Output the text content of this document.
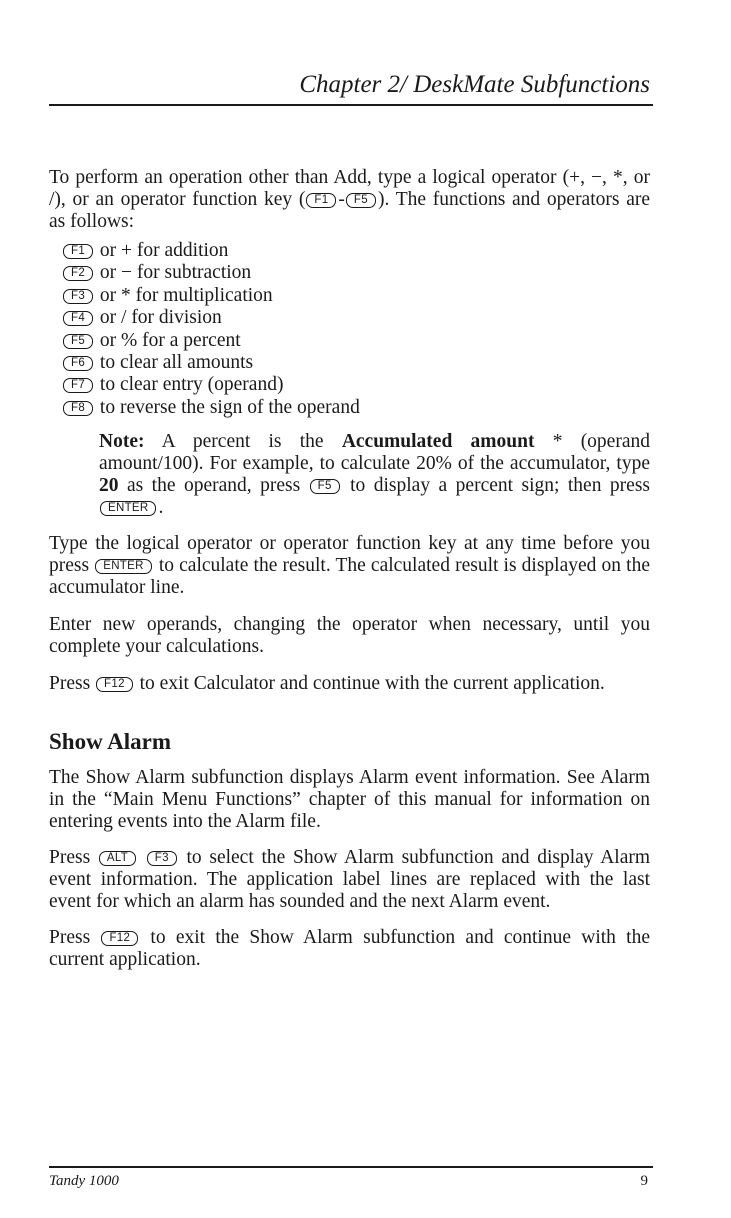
Chapter 2/ DeskMate Subfunctions

To perform an operation other than Add, type a logical operator (+, −, *, or /), or an operator function key ( F1 - F5 ). The functions and operators are as follows:

F1 or + for addition
F2 or − for subtraction
F3 or * for multiplication
F4 or / for division
F5 or % for a percent
F6 to clear all amounts
F7 to clear entry (operand)
F8 to reverse the sign of the operand

Note: A percent is the Accumulated amount * (operand amount/100). For example, to calculate 20% of the accumulator, type 20 as the operand, press F5 to display a percent sign; then press ENTER .

Type the logical operator or operator function key at any time before you press ENTER to calculate the result. The calculated result is displayed on the accumulator line.

Enter new operands, changing the operator when necessary, until you complete your calculations.

Press F12 to exit Calculator and continue with the current application.

Show Alarm

The Show Alarm subfunction displays Alarm event information. See Alarm in the “Main Menu Functions” chapter of this manual for information on entering events into the Alarm file.

Press ALT F3 to select the Show Alarm subfunction and display Alarm event information. The application label lines are replaced with the last event for which an alarm has sounded and the next Alarm event.

Press F12 to exit the Show Alarm subfunction and continue with the current application.

Tandy 1000	9
